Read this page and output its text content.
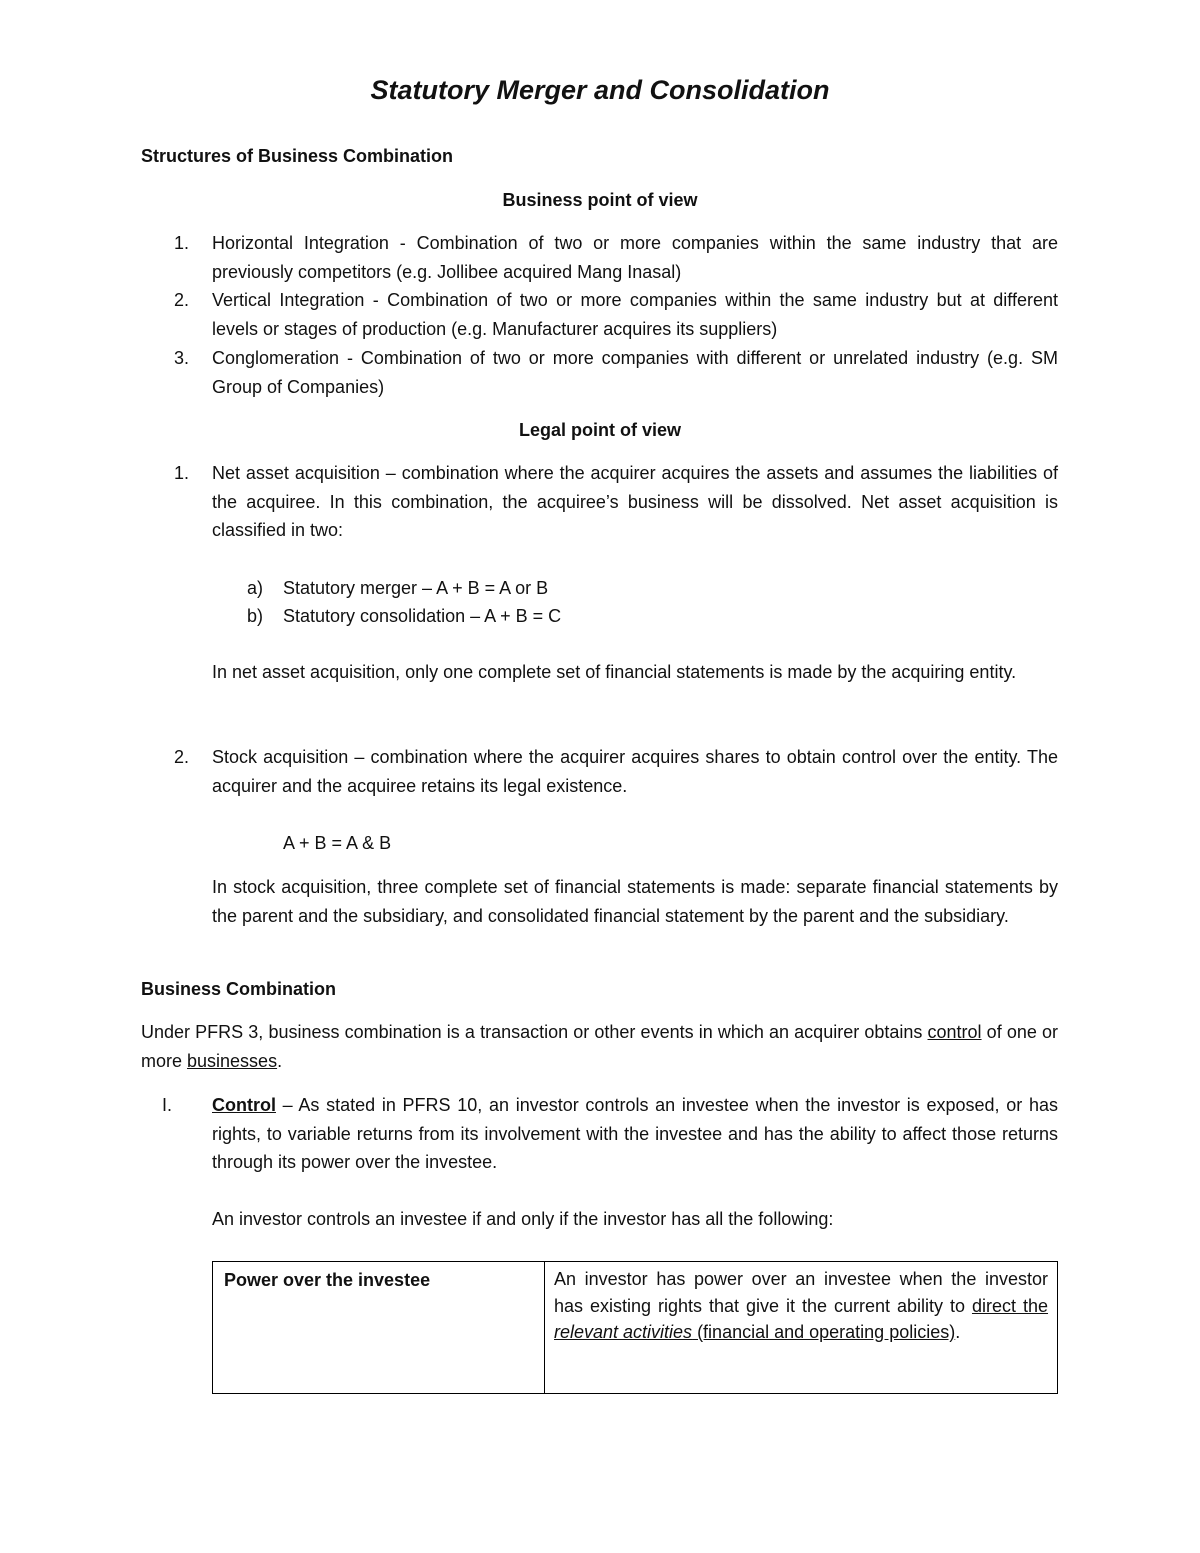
Statutory Merger and Consolidation
Structures of Business Combination
Business point of view
1.	Horizontal Integration - Combination of two or more companies within the same industry that are previously competitors (e.g. Jollibee acquired Mang Inasal)
2.	Vertical Integration - Combination of two or more companies within the same industry but at different levels or stages of production (e.g. Manufacturer acquires its suppliers)
3.	Conglomeration - Combination of two or more companies with different or unrelated industry (e.g. SM Group of Companies)
Legal point of view
1.	Net asset acquisition – combination where the acquirer acquires the assets and assumes the liabilities of the acquiree. In this combination, the acquiree’s business will be dissolved. Net asset acquisition is classified in two:
a) Statutory merger – A + B = A or B
b) Statutory consolidation – A + B = C
In net asset acquisition, only one complete set of financial statements is made by the acquiring entity.
2.	Stock acquisition – combination where the acquirer acquires shares to obtain control over the entity. The acquirer and the acquiree retains its legal existence.
A + B = A & B
In stock acquisition, three complete set of financial statements is made: separate financial statements by the parent and the subsidiary, and consolidated financial statement by the parent and the subsidiary.
Business Combination
Under PFRS 3, business combination is a transaction or other events in which an acquirer obtains control of one or more businesses.
I. Control – As stated in PFRS 10, an investor controls an investee when the investor is exposed, or has rights, to variable returns from its involvement with the investee and has the ability to affect those returns through its power over the investee.
An investor controls an investee if and only if the investor has all the following:
Power over the investee	An investor has power over an investee when the investor has existing rights that give it the current ability to direct the relevant activities (financial and operating policies).
